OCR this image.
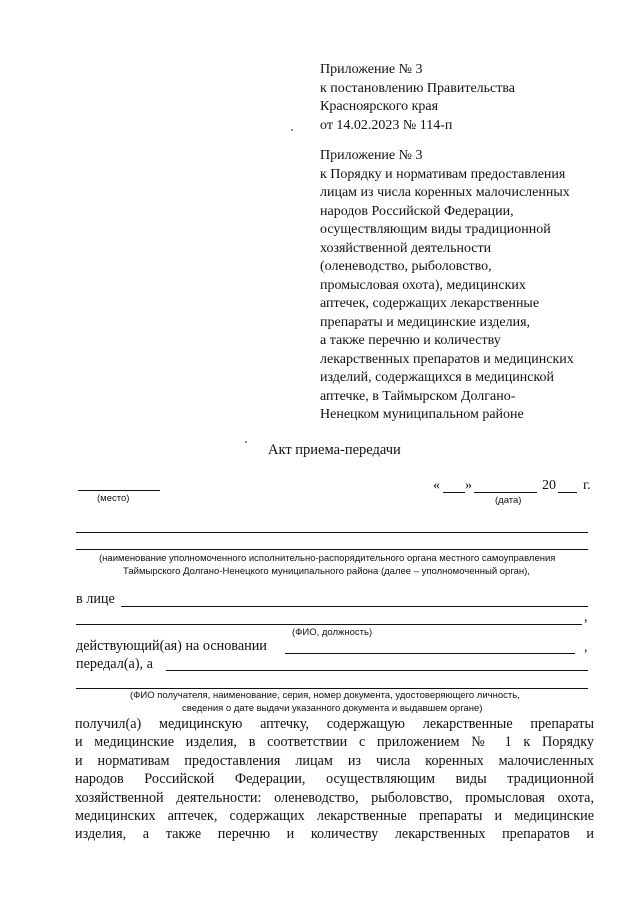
Приложение № 3
к постановлению Правительства
Красноярского края
от 14.02.2023 № 114-п
Приложение № 3
к Порядку и нормативам предоставления
лицам из числа коренных малочисленных
народов Российской Федерации,
осуществляющим виды традиционной
хозяйственной деятельности
(оленеводство, рыболовство,
промысловая охота), медицинских
аптечек, содержащих лекарственные
препараты и медицинские изделия,
а также перечню и количеству
лекарственных препаратов и медицинских
изделий, содержащихся в медицинской
аптечке, в Таймырском Долгано-
Ненецком муниципальном районе
Акт приема-передачи
(место)
« »	20 г.
(дата)
(наименование уполномоченного исполнительно-распорядительного органа местного самоуправления
Таймырского Долгано-Ненецкого муниципального района (далее – уполномоченный орган),
в лице
,
(ФИО, должность)
действующий(ая) на основании	,
передал(а), а
(ФИО получателя, наименование, серия, номер документа, удостоверяющего личность,
сведения о дате выдачи указанного документа и выдавшем органе)
получил(а) медицинскую аптечку, содержащую лекарственные препараты
и медицинские изделия, в соответствии с приложением № 1 к Порядку
и нормативам предоставления лицам из числа коренных малочисленных
народов Российской Федерации, осуществляющим виды традиционной
хозяйственной деятельности: оленеводство, рыболовство, промысловая охота,
медицинских аптечек, содержащих лекарственные препараты и медицинские
изделия, а также перечню и количеству лекарственных препаратов и
